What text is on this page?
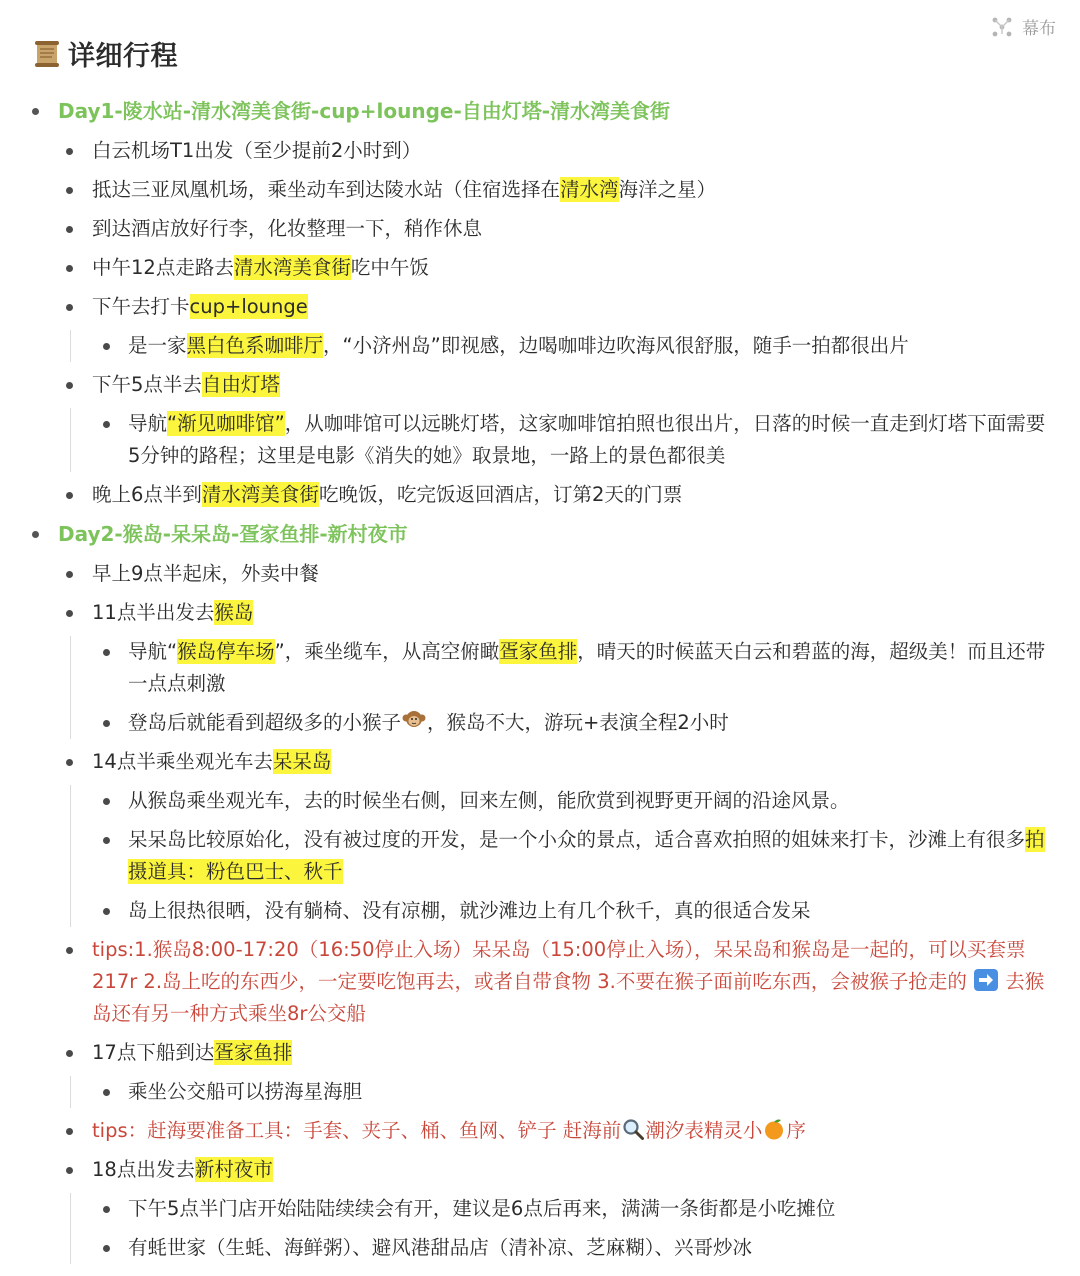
幕布
详细行程
Day1-陵水站-清水湾美食街-cup+lounge-自由灯塔-清水湾美食街
白云机场T1出发（至少提前2小时到）
抵达三亚凤凰机场，乘坐动车到达陵水站（住宿选择在清水湾海洋之星）
到达酒店放好行李，化妆整理一下，稍作休息
中午12点走路去清水湾美食街吃中午饭
下午去打卡cup+lounge
是一家黑白色系咖啡厅，“小济州岛”即视感，边喝咖啡边吹海风很舒服，随手一拍都很出片
下午5点半去自由灯塔
导航“渐见咖啡馆”，从咖啡馆可以远眺灯塔，这家咖啡馆拍照也很出片，日落的时候一直走到灯塔下面需要5分钟的路程；这里是电影《消失的她》取景地，一路上的景色都很美
晚上6点半到清水湾美食街吃晚饭，吃完饭返回酒店，订第2天的门票
Day2-猴岛-呆呆岛-疍家鱼排-新村夜市
早上9点半起床，外卖中餐
11点半出发去猴岛
导航“猴岛停车场”，乘坐缆车，从高空俯瞰疍家鱼排，晴天的时候蓝天白云和碧蓝的海，超级美！而且还带一点点刺激
登岛后就能看到超级多的小猴子 ，猴岛不大，游玩+表演全程2小时
14点半乘坐观光车去呆呆岛
从猴岛乘坐观光车，去的时候坐右侧，回来左侧，能欣赏到视野更开阔的沿途风景。
呆呆岛比较原始化，没有被过度的开发，是一个小众的景点，适合喜欢拍照的姐妹来打卡，沙滩上有很多拍摄道具：粉色巴士、秋千
岛上很热很晒，没有躺椅、没有凉棚，就沙滩边上有几个秋千，真的很适合发呆
tips:1.猴岛8:00-17:20（16:50停止入场）呆呆岛（15:00停止入场），呆呆岛和猴岛是一起的，可以买套票217r 2.岛上吃的东西少，一定要吃饱再去，或者自带食物 3.不要在猴子面前吃东西，会被猴子抢走的  去猴岛还有另一种方式乘坐8r公交船
17点下船到达疍家鱼排
乘坐公交船可以捞海星海胆
tips：赶海要准备工具：手套、夹子、桶、鱼网、铲子 赶海前 潮汐表精灵小 序
18点出发去新村夜市
下午5点半门店开始陆陆续续会有开，建议是6点后再来，满满一条街都是小吃摊位
有蚝世家（生蚝、海鲜粥）、避风港甜品店（清补凉、芝麻糊）、兴哥炒冰
